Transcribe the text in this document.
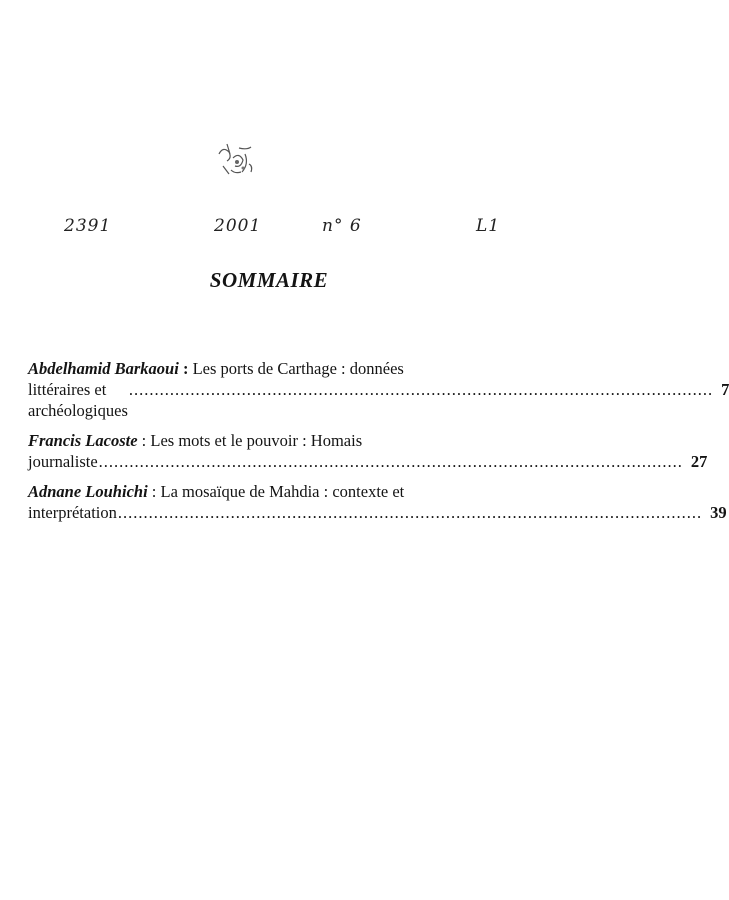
2391	2001	n° 6	L1
SOMMAIRE
Abdelhamid Barkaoui : Les ports de Carthage : données
littéraires et archéologiques
.................................................................................................................. 7
Francis Lacoste : Les mots et le pouvoir : Homais
journaliste .................................................................................................................. 27
Adnane Louhichi : La mosaïque de Mahdia : contexte et
interprétation .................................................................................................................. 39
